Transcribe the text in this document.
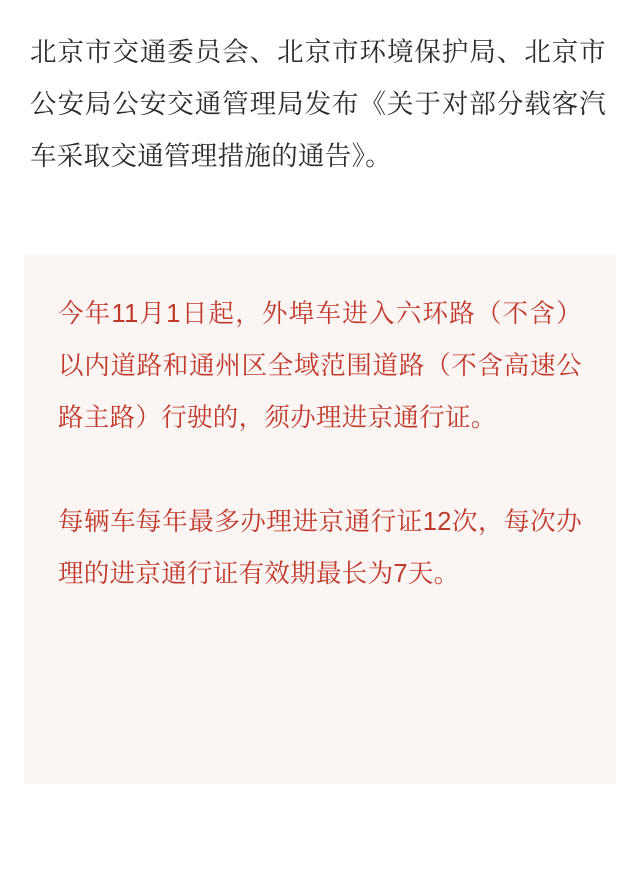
北京市交通委员会、北京市环境保护局、北京市公安局公安交通管理局发布《关于对部分载客汽车采取交通管理措施的通告》。

今年11月1日起，外埠车进入六环路（不含）以内道路和通州区全域范围道路（不含高速公路主路）行驶的，须办理进京通行证。

每辆车每年最多办理进京通行证12次，每次办理的进京通行证有效期最长为7天。
